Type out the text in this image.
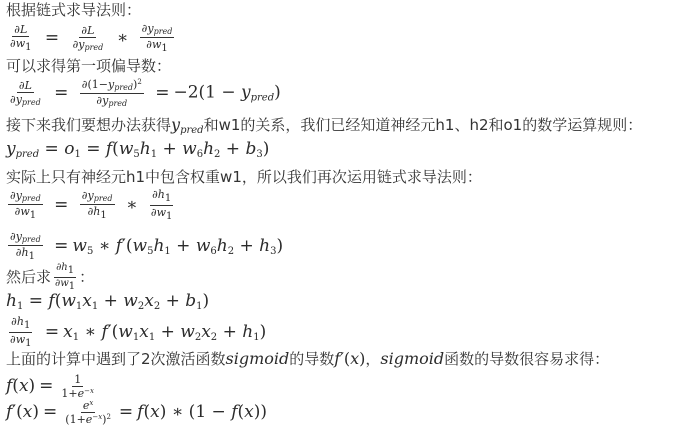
根据链式求导法则：
$\frac{\partial L}{\partial w1} = \frac{\partial L}{\partial y_{pred}}$ ∗ $\frac{\partial y_{pred}}{\partial w1}$
可以求得第一项偏导数：
$\frac{\partial L}{\partial y_{pred}} = \frac{\partial(1-y_{pred})^2}{\partial y_{pred}} = -2(1 - y_{pred})$
接下来我们要想办法获得$y_{pred}$和w1的关系，我们已经知道神经元h1、h2和o1的数学运算规则：
$y_{pred} = o1 = f(w5h1 + w6h2 + b3)$
实际上只有神经元h1中包含权重w1，所以我们再次运用链式求导法则：
$\frac{\partial y_{pred}}{\partial w1} = \frac{\partial y_{pred}}{\partial h1}$ ∗ $\frac{\partial h1}{\partial w1}$
$\frac{\partial y_{pred}}{\partial h1} = w5$ ∗ f′(w5h1 + w6h2 + h3)
然后求 $\frac{\partial h1}{\partial w1}$ ：
h1 = f(w1x1 + w2x2 + b1)
$\frac{\partial h1}{\partial w1} = x1$ ∗ f′(w1x1 + w2x2 + h1)
上面的计算中遇到了2次激活函数sigmoid的导数f′(x)，sigmoid函数的导数很容易求得：
$f(x) = \frac{1}{1+e^{-x}}$
$f'(x) = \frac{e^x}{(1+e^{-x})^2} = f(x)$ ∗ (1 − f(x))
